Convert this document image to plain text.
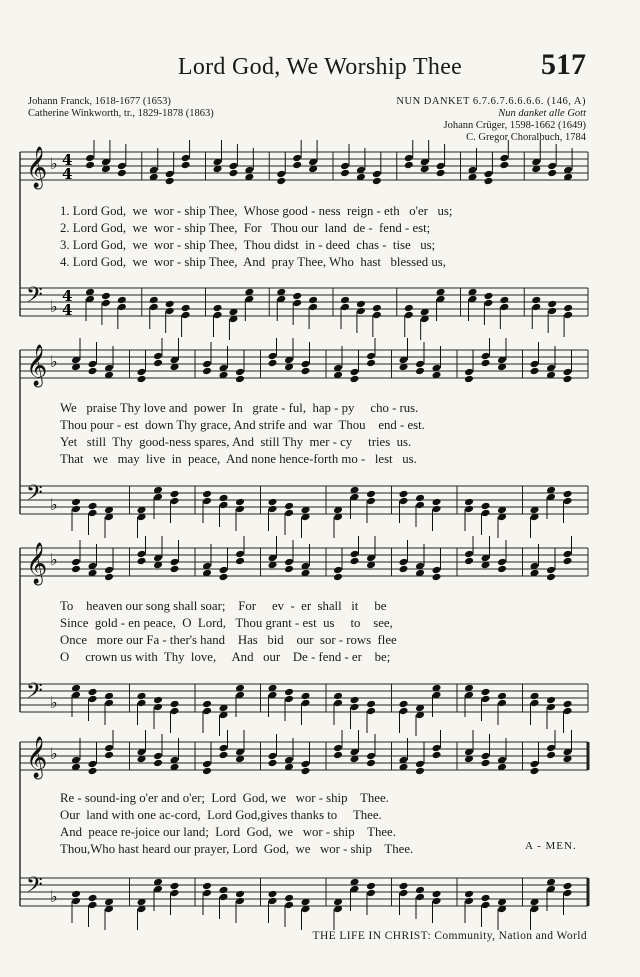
Lord God, We Worship Thee	517
Johann Franck, 1618-1677 (1653)
Catherine Winkworth, tr., 1829-1878 (1863)
NUN DANKET 6.7.6.7.6.6.6.6. (146, A)
Nun danket alle Gott
Johann Crüger, 1598-1662 (1649)
C. Gregor Choralbuch, 1784
𝄞 ♭ 4
4
𝄢 ♭
4
4
1. Lord God,  we  wor - ship Thee,  Whose good - ness  reign - eth   o'er   us;
2. Lord God,  we  wor - ship Thee,  For   Thou our  land  de -  fend - est;
3. Lord God,  we  wor - ship Thee,  Thou didst  in - deed  chas -  tise   us;
4. Lord God,  we  wor - ship Thee,  And  pray Thee, Who  hast   blessed us,
𝄞 ♭
𝄢 ♭
We   praise Thy love and  power  In   grate - ful,  hap - py     cho - rus.
Thou pour - est  down Thy grace, And strife and  war  Thou    end - est.
Yet   still  Thy  good-ness spares, And  still Thy  mer - cy     tries  us.
That   we   may  live  in  peace,  And none hence-forth mo -   lest   us.
𝄞 ♭
𝄢 ♭
To    heaven our song shall soar;    For     ev  -  er  shall   it     be
Since  gold - en peace,  O  Lord,   Thou grant - est  us     to    see,
Once   more our Fa - ther's hand    Has   bid    our  sor - rows  flee
O     crown us with  Thy  love,     And   our    De - fend - er    be;
𝄞 ♭
𝄢 ♭
Re - sound-ing o'er and o'er;  Lord  God, we   wor - ship    Thee.
Our  land with one ac-cord,  Lord God,gives thanks to     Thee.
And  peace re-joice our land;  Lord  God,  we   wor - ship    Thee.
Thou,Who hast heard our prayer, Lord  God,  we   wor - ship    Thee.	A - MEN.
THE LIFE IN CHRIST: Community, Nation and World
